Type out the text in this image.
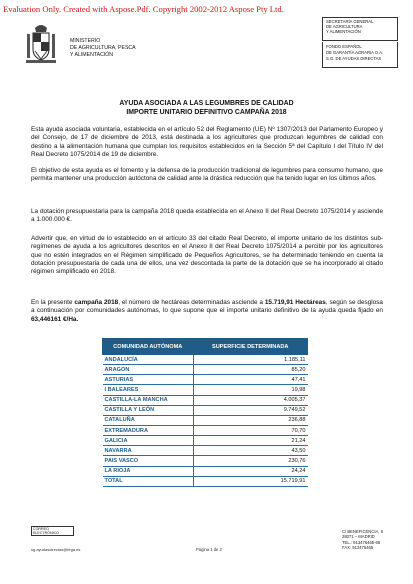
Evaluation Only. Created with Aspose.Pdf. Copyright 2002-2012 Aspose Pty Ltd.
MINISTERIO
DE AGRICULTURA, PESCA
Y ALIMENTACIÓN
SECRETARÍA GENERAL
DE AGRICULTURA
Y ALIMENTACIÓN
FONDO ESPAÑOL
DE GARANTÍA AGRARIA O.A.
S.G. DE AYUDAS DIRECTAS
AYUDA ASOCIADA A LAS LEGUMBRES DE CALIDAD
IMPORTE UNITARIO DEFINITIVO CAMPAÑA 2018

Esta ayuda asociada voluntaria, establecida en el artículo 52 del Reglamento (UE) Nº 1307/2013 del Parlamento Europeo y del Consejo, de 17 de diciembre de 2013, está destinada a los agricultores que produzcan legumbres de calidad con destino a la alimentación humana que cumplan los requisitos establecidos en la Sección 5ª del Capítulo I del Título IV del Real Decreto 1075/2014 de 19 de diciembre.

El objetivo de esta ayuda es el fomento y la defensa de la producción tradicional de legumbres para consumo humano, que permita mantener una producción autóctona de calidad ante la drástica reducción que ha tenido lugar en los últimos años.

La dotación presupuestaria para la campaña 2018 queda establecida en el Anexo II del Real Decreto 1075/2014 y asciende a 1.000.000 €.

Advertir que, en virtud de lo establecido en el artículo 33 del citado Real Decreto, el importe unitario de los distintos sub-regímenes de ayuda a los agricultores descritos en el Anexo II del Real Decreto 1075/2014 a percibir por los agricultores que no estén integrados en el Régimen simplificado de Pequeños Agricultores, se ha determinado teniendo en cuenta la dotación presupuestaria de cada una de ellos, una vez descontada la parte de la dotación que se ha incorporado al citado régimen simplificado en 2018.

En la presente campaña 2018, el número de hectáreas determinadas asciende a 15.719,91 Hectáreas, según se desglosa a continuación por comunidades autónomas, lo que supone que el importe unitario definitivo de la ayuda queda fijado en 63,446161 €/Ha.

COMUNIDAD AUTÓNOMA	SUPERFICIE DETERMINADA
ANDALUCÍA	1.185,11
ARAGON	85,20
ASTURIAS	47,41
I BALEARES	19,98
CASTILLA-LA MANCHA	4.005,37
CASTILLA Y LEÓN	9.749,52
CATALUÑA	236,88
EXTREMADURA	70,70
GALICIA	21,24
NAVARRA	43,50
PAIS VASCO	230,76
LA RIOJA	24,24
TOTAL	15.719,91
CORREO ELECTRÓNICO
sg.ayudasdirectas@fega.es	Página 1 de 2
C/ BENEFICENCIA, 8
28071 – MADRID
TEL.: 913476465-68
FAX: 913476465
